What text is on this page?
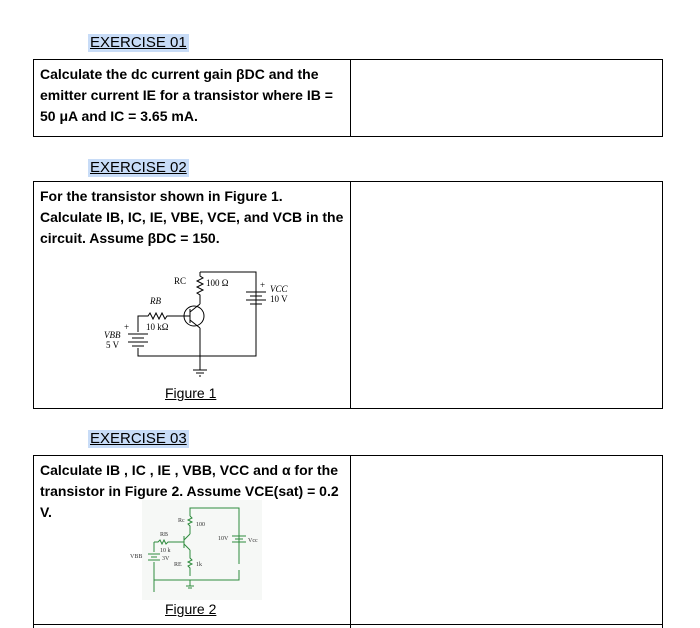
EXERCISE 01
Calculate the dc current gain βDC and the
emitter current IE for a transistor where IB =
50 μA and IC = 3.65 mA.
EXERCISE 02
For the transistor shown in Figure 1.
Calculate IB, IC, IE, VBE, VCE, and VCB in the
circuit. Assume βDC = 150.
RC 100 Ω	+ VCC
10 V
RB
10 kΩ
+
VBB
5 V
Figure 1
EXERCISE 03
Calculate IB , IC , IE , VBB, VCC and α for the
transistor in Figure 2. Assume VCE(sat) = 0.2 V.
Rc
100
RB
10 k
VBB	3V
RE 1k
10V	Vcc
Figure 2
